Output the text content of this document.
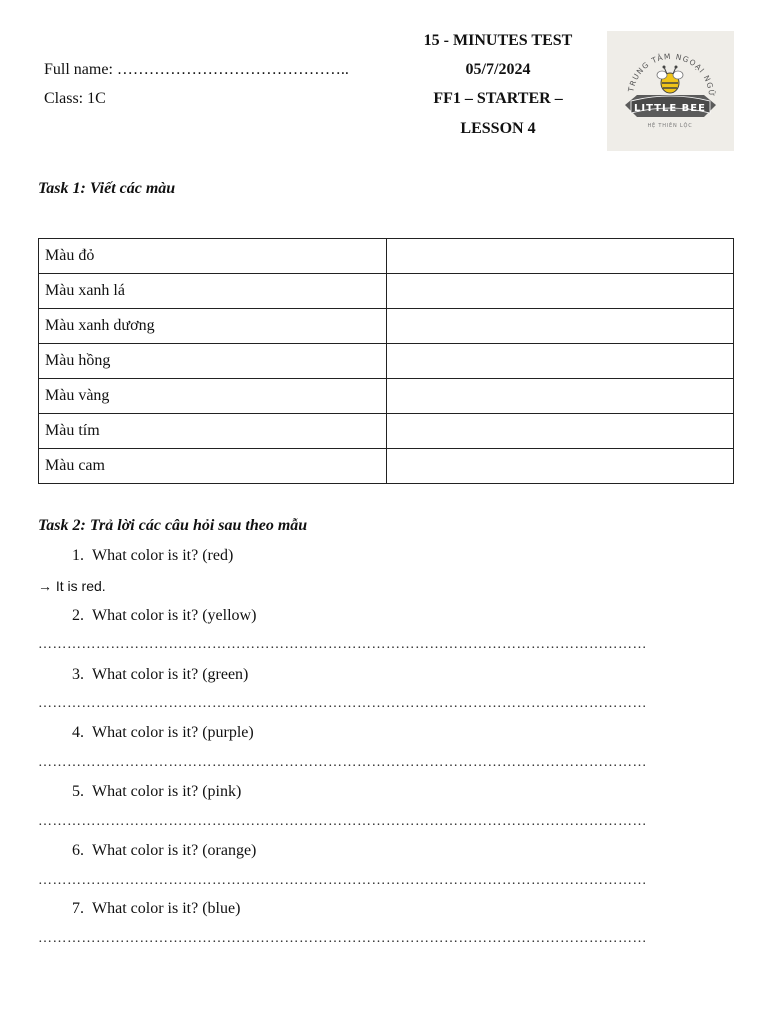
15 - MINUTES TEST
Full name: ……………………………………..	05/7/2024
Class: 1C	FF1 – STARTER –
LESSON 4
TRUNG TÂM NGOẠI NGỮ
LITTLE BEE
HỆ THIÊN LỘC
Task 1: Viết các màu
Màu đỏ	
Màu xanh lá	
Màu xanh dương	
Màu hồng	
Màu vàng	
Màu tím	
Màu cam	
Task 2: Trả lời các câu hỏi sau theo mẫu
1. What color is it? (red)
→ It is red.
2. What color is it? (yellow)
………………………………………………………………………………………………………………
3. What color is it? (green)
………………………………………………………………………………………………………………
4. What color is it? (purple)
………………………………………………………………………………………………………………
5. What color is it? (pink)
………………………………………………………………………………………………………………
6. What color is it? (orange)
………………………………………………………………………………………………………………
7. What color is it? (blue)
………………………………………………………………………………………………………………
